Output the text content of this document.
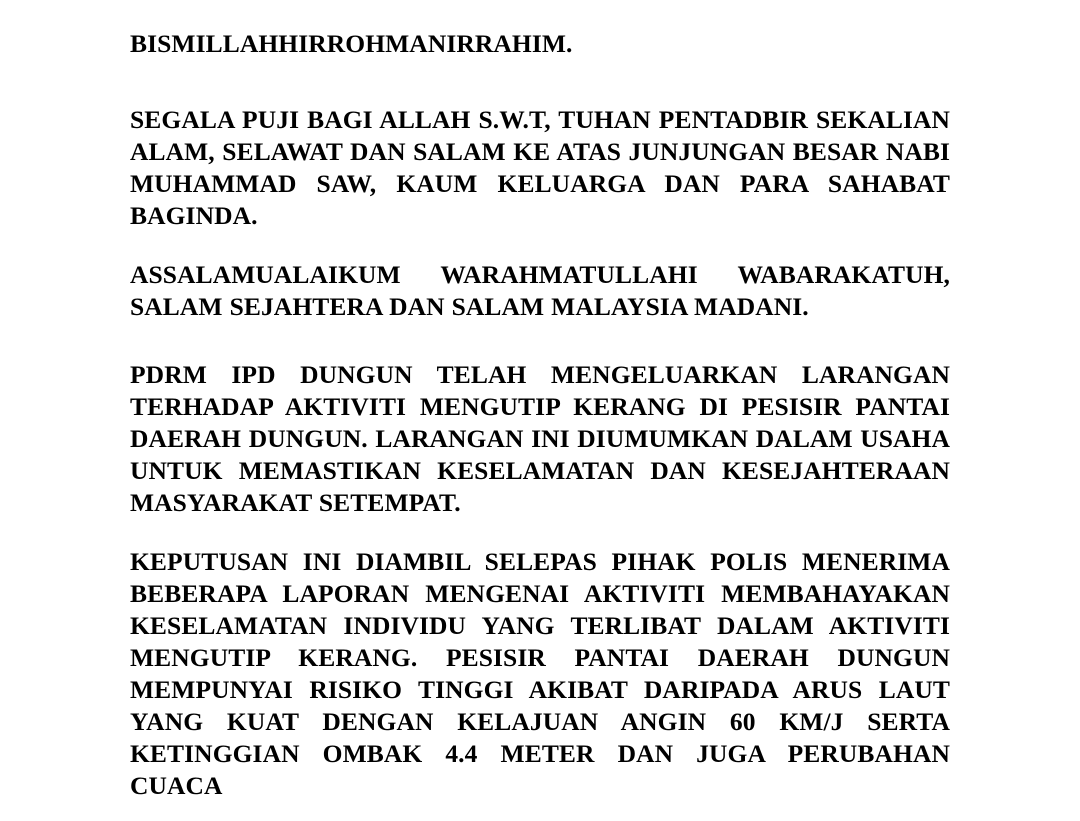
BISMILLAHHIRROHMANIRRAHIM.

SEGALA PUJI BAGI ALLAH S.W.T, TUHAN PENTADBIR SEKALIAN ALAM, SELAWAT DAN SALAM KE ATAS JUNJUNGAN BESAR NABI MUHAMMAD SAW, KAUM KELUARGA DAN PARA SAHABAT BAGINDA.

ASSALAMUALAIKUM WARAHMATULLAHI WABARAKATUH, SALAM SEJAHTERA DAN SALAM MALAYSIA MADANI.

PDRM IPD DUNGUN TELAH MENGELUARKAN LARANGAN TERHADAP AKTIVITI MENGUTIP KERANG DI PESISIR PANTAI DAERAH DUNGUN. LARANGAN INI DIUMUMKAN DALAM USAHA UNTUK MEMASTIKAN KESELAMATAN DAN KESEJAHTERAAN MASYARAKAT SETEMPAT.

KEPUTUSAN INI DIAMBIL SELEPAS PIHAK POLIS MENERIMA BEBERAPA LAPORAN MENGENAI AKTIVITI MEMBAHAYAKAN KESELAMATAN INDIVIDU YANG TERLIBAT DALAM AKTIVITI MENGUTIP KERANG. PESISIR PANTAI DAERAH DUNGUN MEMPUNYAI RISIKO TINGGI AKIBAT DARIPADA ARUS LAUT YANG KUAT DENGAN KELAJUAN ANGIN 60 KM/J SERTA KETINGGIAN OMBAK 4.4 METER DAN JUGA PERUBAHAN CUACA
